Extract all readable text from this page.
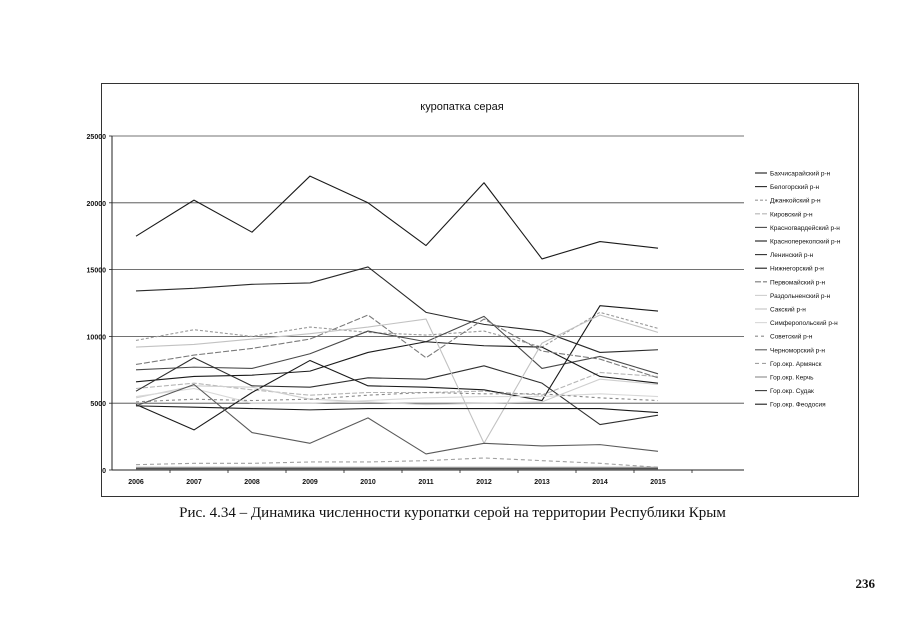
куропатка серая
0
5000
10000
15000
20000
25000
2006	2007	2008	2009	2010	2011	2012	2013	2014	2015
Бахчисарайский р-н
Белогорский р-н
Джанкойский р-н
Кировский р-н
Красногвардейский р-н
Красноперекопский р-н
Ленинский р-н
Нижнегорский р-н
Первомайский р-н
Раздольненский р-н
Сакский р-н
Симферопольский р-н
Советский р-н
Черноморский р-н
Гор.окр. Армянск
Гор.окр. Керчь
Гор.окр. Судак
Гор.окр. Феодосия
Рис. 4.34 – Динамика численности куропатки серой на территории Республики Крым
236
